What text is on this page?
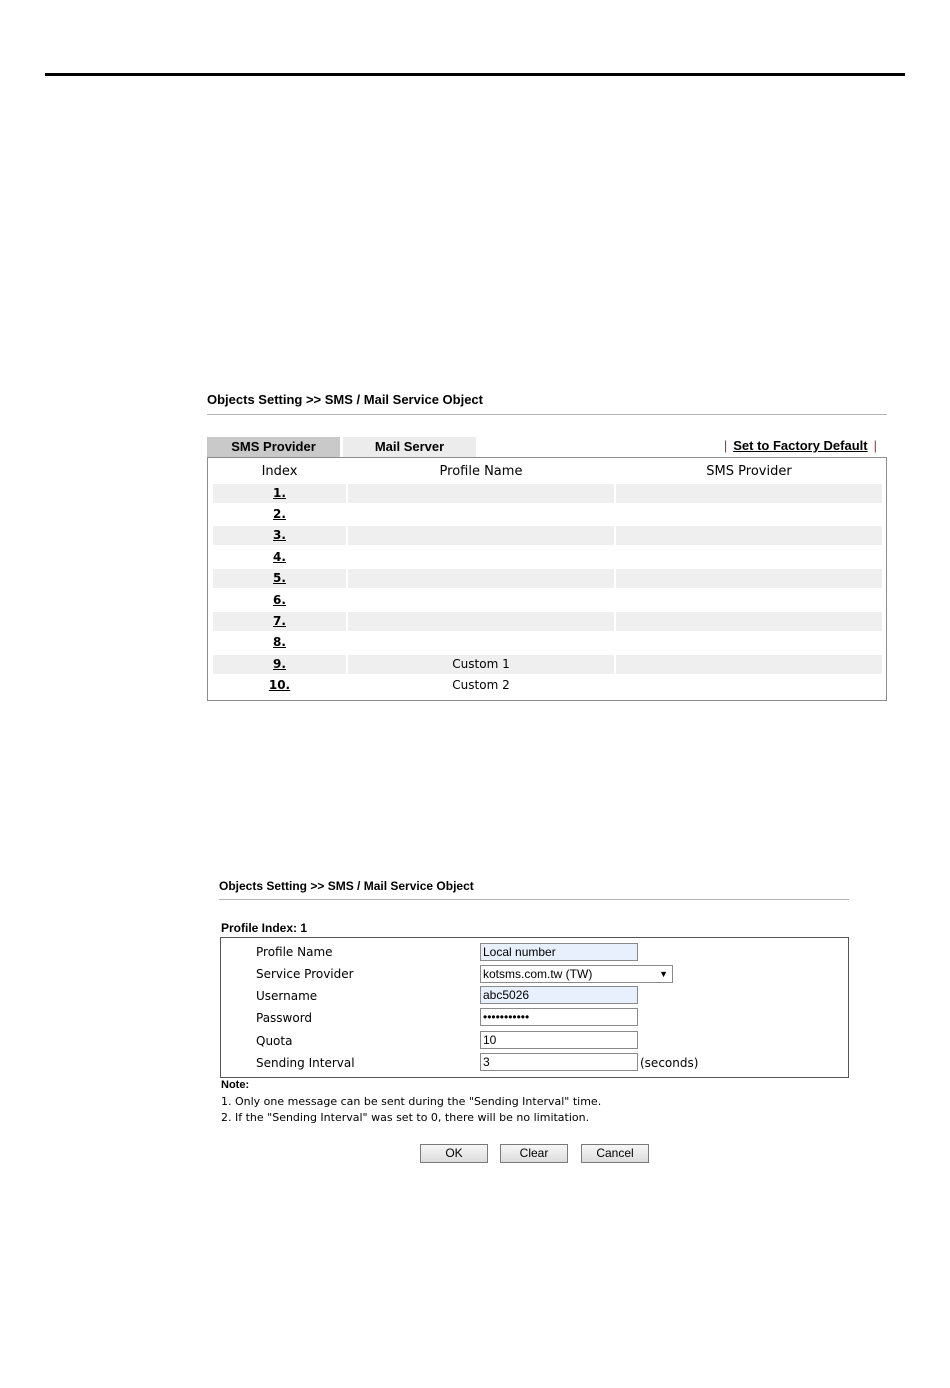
Objects Setting >> SMS / Mail Service Object
SMS Provider	Mail Server	| Set to Factory Default |
Index	Profile Name	SMS Provider
1.
2.
3.
4.
5.
6.
7.
8.
9.	Custom 1
10.	Custom 2
Objects Setting >> SMS / Mail Service Object
Profile Index: 1
Profile Name	Local number
Service Provider	kotsms.com.tw (TW)	▼
Username	abc5026
Password	•••••••••••
Quota	10
Sending Interval	3	(seconds)
Note:
1. Only one message can be sent during the "Sending Interval" time.
2. If the "Sending Interval" was set to 0, there will be no limitation.
OK	Clear	Cancel
